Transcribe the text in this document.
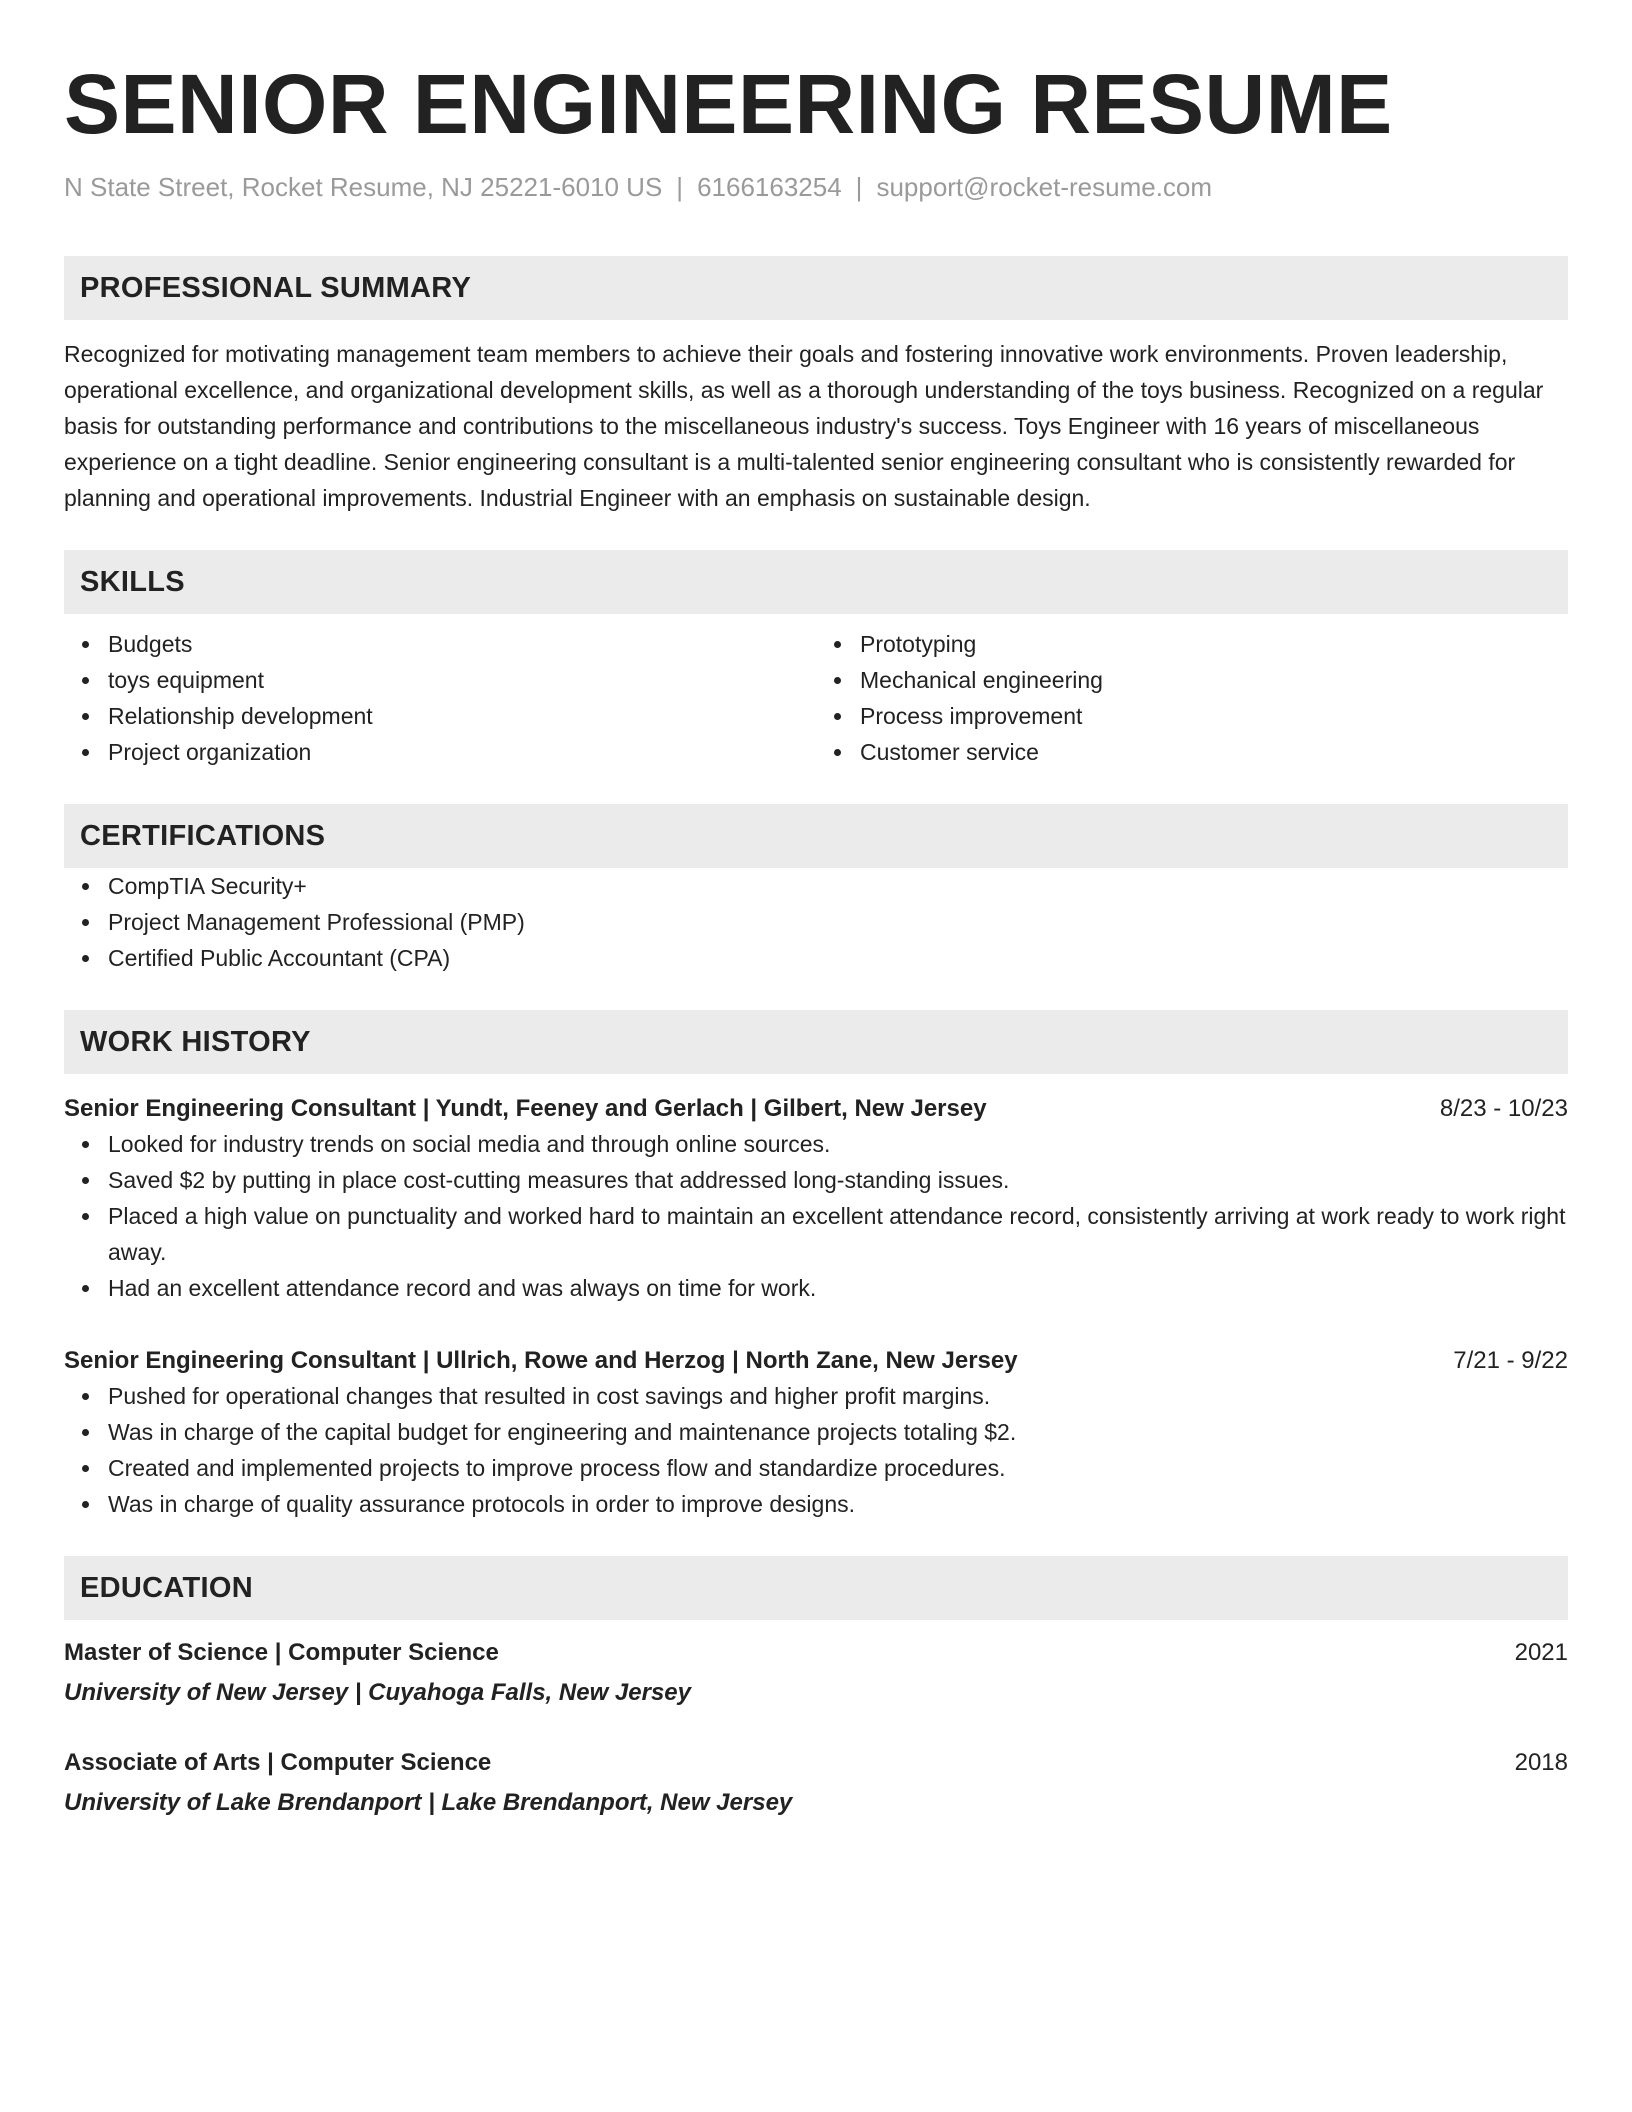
SENIOR ENGINEERING RESUME
N State Street, Rocket Resume, NJ 25221-6010 US | 6166163254 | support@rocket-resume.com
PROFESSIONAL SUMMARY

Recognized for motivating management team members to achieve their goals and fostering innovative work environments. Proven leadership, operational excellence, and organizational development skills, as well as a thorough understanding of the toys business. Recognized on a regular basis for outstanding performance and contributions to the miscellaneous industry's success. Toys Engineer with 16 years of miscellaneous experience on a tight deadline. Senior engineering consultant is a multi-talented senior engineering consultant who is consistently rewarded for planning and operational improvements. Industrial Engineer with an emphasis on sustainable design.

SKILLS
Budgets
toys equipment
Relationship development
Project organization
Prototyping
Mechanical engineering
Process improvement
Customer service
CERTIFICATIONS
CompTIA Security+
Project Management Professional (PMP)
Certified Public Accountant (CPA)
WORK HISTORY
Senior Engineering Consultant | Yundt, Feeney and Gerlach | Gilbert, New Jersey	8/23 - 10/23
Looked for industry trends on social media and through online sources.
Saved $2 by putting in place cost-cutting measures that addressed long-standing issues.
Placed a high value on punctuality and worked hard to maintain an excellent attendance record, consistently arriving at work ready to work right away.
Had an excellent attendance record and was always on time for work.
Senior Engineering Consultant | Ullrich, Rowe and Herzog | North Zane, New Jersey	7/21 - 9/22
Pushed for operational changes that resulted in cost savings and higher profit margins.
Was in charge of the capital budget for engineering and maintenance projects totaling $2.
Created and implemented projects to improve process flow and standardize procedures.
Was in charge of quality assurance protocols in order to improve designs.
EDUCATION
Master of Science | Computer Science	2021
University of New Jersey | Cuyahoga Falls, New Jersey
Associate of Arts | Computer Science	2018
University of Lake Brendanport | Lake Brendanport, New Jersey
